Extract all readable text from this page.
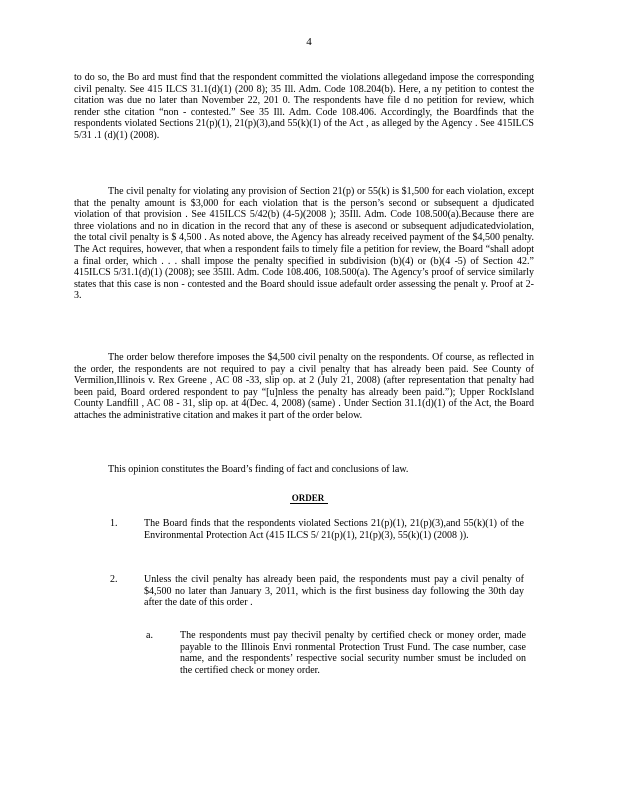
4

to do so, the Bo ard must find that the respondent committed the violations allegedand impose the corresponding civil penalty. See 415 ILCS 31.1(d)(1) (200 8); 35 Ill. Adm. Code 108.204(b). Here, a ny petition to contest the citation was due no later than November 22, 201 0. The respondents have file d no petition for review, which render sthe citation “non - contested.” See 35 Ill. Adm. Code 108.406. Accordingly, the Boardfinds that the respondents violated Sections 21(p)(1), 21(p)(3),and 55(k)(1) of the Act , as alleged by the Agency . See 415ILCS 5/31 .1 (d)(1) (2008).

The civil penalty for violating any provision of Section 21(p) or 55(k) is $1,500 for each violation, except that the penalty amount is $3,000 for each violation that is the person’s second or subsequent a djudicated violation of that provision . See 415ILCS 5/42(b) (4-5)(2008 ); 35Ill. Adm. Code 108.500(a).Because there are three violations and no in dication in the record that any of these is asecond or subsequent adjudicatedviolation, the total civil penalty is $ 4,500 . As noted above, the Agency has already received payment of the $4,500 penalty. The Act requires, however, that when a respondent fails to timely file a petition for review, the Board “shall adopt a final order, which . . . shall impose the penalty specified in subdivision (b)(4) or (b)(4 -5) of Section 42.” 415ILCS 5/31.1(d)(1) (2008); see 35Ill. Adm. Code 108.406, 108.500(a). The Agency’s proof of service similarly states that this case is non - contested and the Board should issue adefault order assessing the penalt y. Proof at 2-3.

The order below therefore imposes the $4,500 civil penalty on the respondents. Of course, as reflected in the order, the respondents are not required to pay a civil penalty that has already been paid. See County of Vermilion,Illinois v. Rex Greene , AC 08 -33, slip op. at 2 (July 21, 2008) (after representation that penalty had been paid, Board ordered respondent to pay “[u]nless the penalty has already been paid.”); Upper RockIsland County Landfill , AC 08 - 31, slip op. at 4(Dec. 4, 2008) (same) . Under Section 31.1(d)(1) of the Act, the Board attaches the administrative citation and makes it part of the order below.

This opinion constitutes the Board’s finding of fact and conclusions of law.

ORDER

1.	The Board finds that the respondents violated Sections 21(p)(1), 21(p)(3),and 55(k)(1) of the Environmental Protection Act (415 ILCS 5/ 21(p)(1), 21(p)(3), 55(k)(1) (2008 )).

2.	Unless the civil penalty has already been paid, the respondents must pay a civil penalty of $4,500 no later than January 3, 2011, which is the first business day following the 30th day after the date of this order .

a.	The respondents must pay thecivil penalty by certified check or money order, made payable to the Illinois Envi ronmental Protection Trust Fund. The case number, case name, and the respondents’ respective social security number smust be included on the certified check or money order.
